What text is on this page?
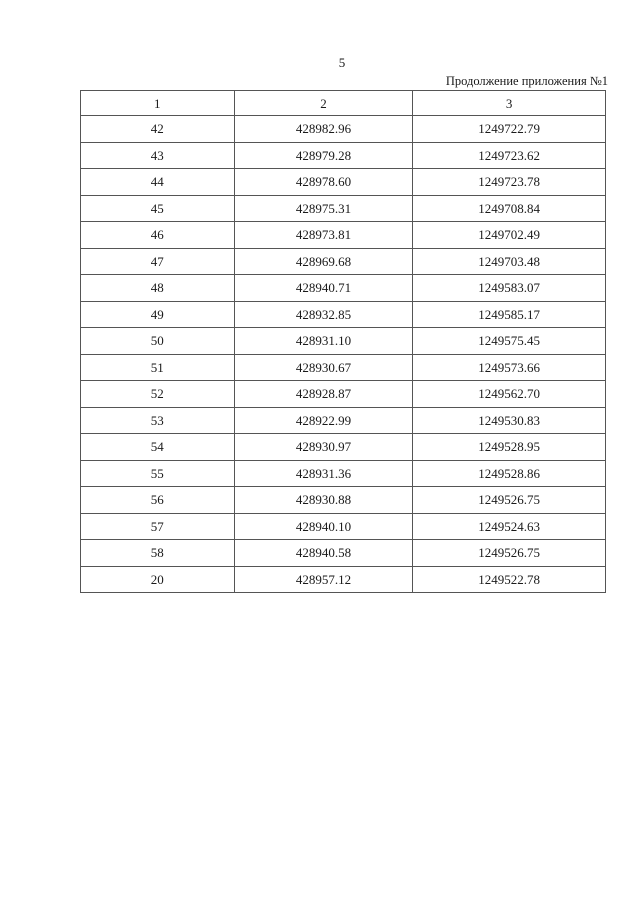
5
Продолжение приложения №1
1	2	3
42	428982.96	1249722.79
43	428979.28	1249723.62
44	428978.60	1249723.78
45	428975.31	1249708.84
46	428973.81	1249702.49
47	428969.68	1249703.48
48	428940.71	1249583.07
49	428932.85	1249585.17
50	428931.10	1249575.45
51	428930.67	1249573.66
52	428928.87	1249562.70
53	428922.99	1249530.83
54	428930.97	1249528.95
55	428931.36	1249528.86
56	428930.88	1249526.75
57	428940.10	1249524.63
58	428940.58	1249526.75
20	428957.12	1249522.78
